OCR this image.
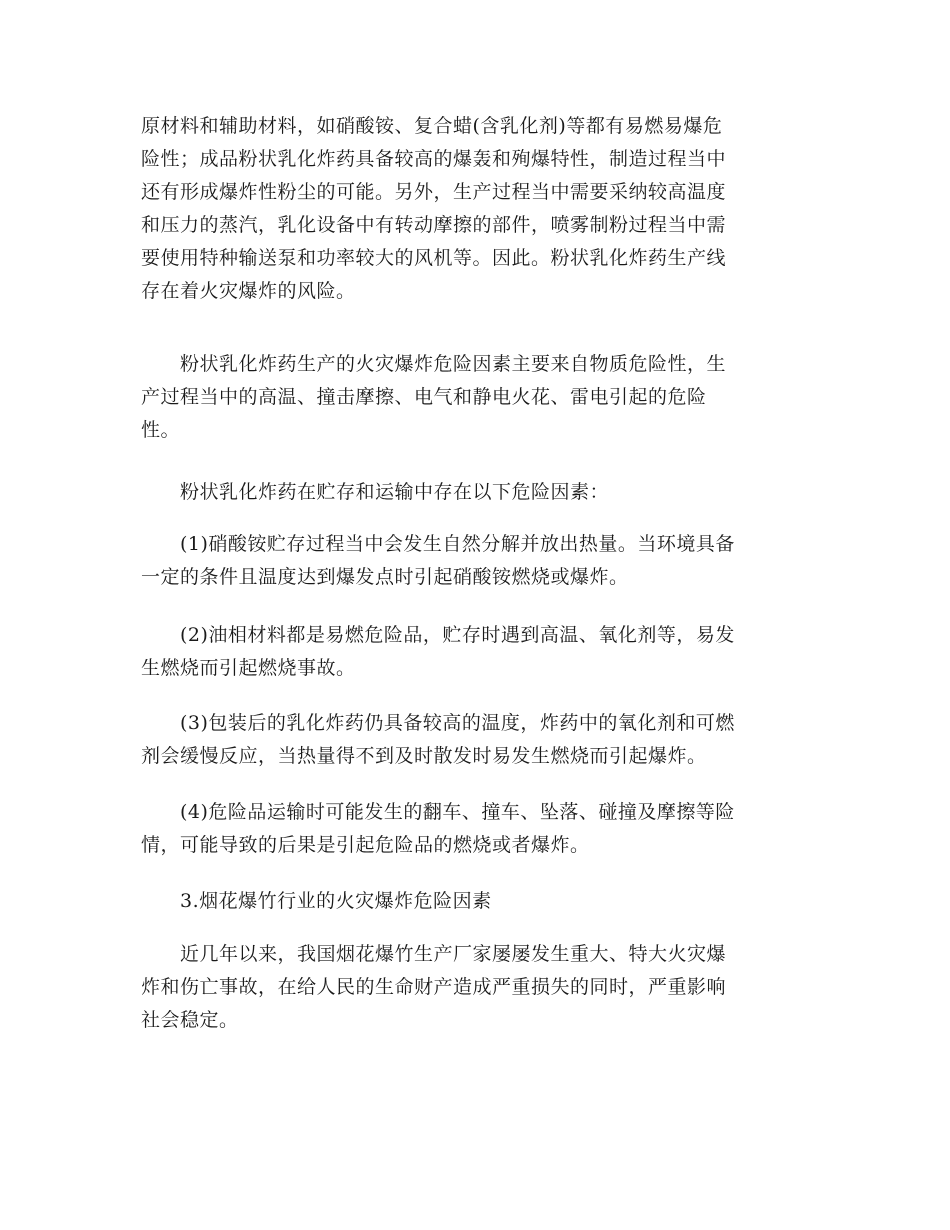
原材料和辅助材料，如硝酸铵、复合蜡(含乳化剂)等都有易燃易爆危
险性；成品粉状乳化炸药具备较高的爆轰和殉爆特性，制造过程当中
还有形成爆炸性粉尘的可能。另外，生产过程当中需要采纳较高温度
和压力的蒸汽，乳化设备中有转动摩擦的部件，喷雾制粉过程当中需
要使用特种输送泵和功率较大的风机等。因此。粉状乳化炸药生产线
存在着火灾爆炸的风险。
　　粉状乳化炸药生产的火灾爆炸危险因素主要来自物质危险性，生
产过程当中的高温、撞击摩擦、电气和静电火花、雷电引起的危险
性。
　　粉状乳化炸药在贮存和运输中存在以下危险因素：
　　(1)硝酸铵贮存过程当中会发生自然分解并放出热量。当环境具备
一定的条件且温度达到爆发点时引起硝酸铵燃烧或爆炸。
　　(2)油相材料都是易燃危险品，贮存时遇到高温、氧化剂等，易发
生燃烧而引起燃烧事故。
　　(3)包装后的乳化炸药仍具备较高的温度，炸药中的氧化剂和可燃
剂会缓慢反应，当热量得不到及时散发时易发生燃烧而引起爆炸。
　　(4)危险品运输时可能发生的翻车、撞车、坠落、碰撞及摩擦等险
情，可能导致的后果是引起危险品的燃烧或者爆炸。
　　3.烟花爆竹行业的火灾爆炸危险因素
　　近几年以来，我国烟花爆竹生产厂家屡屡发生重大、特大火灾爆
炸和伤亡事故，在给人民的生命财产造成严重损失的同时，严重影响
社会稳定。
